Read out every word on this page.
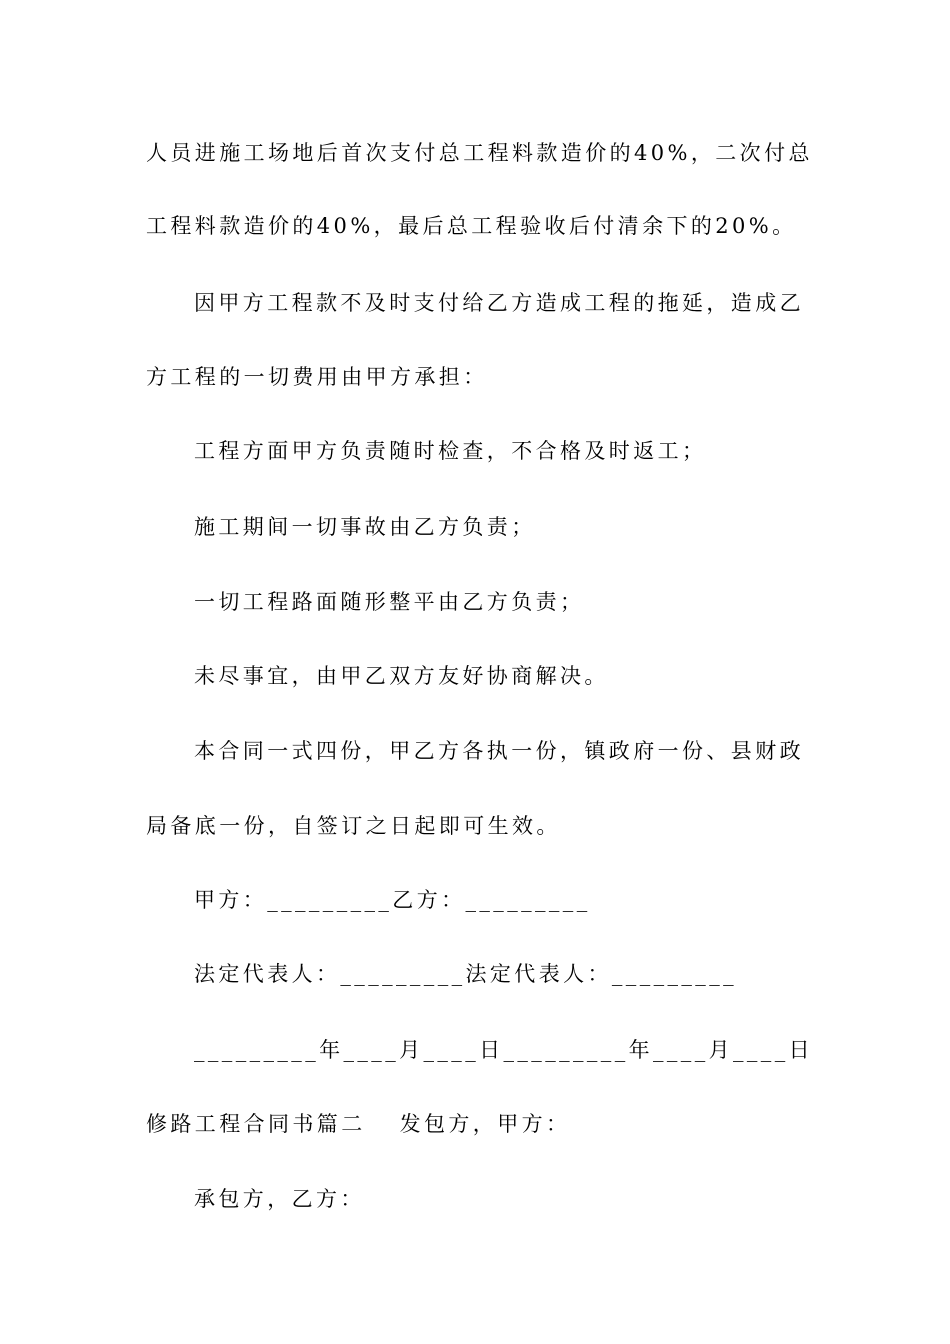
人员进施工场地后首次支付总工程料款造价的40%，二次付总
工程料款造价的40%，最后总工程验收后付清余下的20%。
因甲方工程款不及时支付给乙方造成工程的拖延，造成乙
方工程的一切费用由甲方承担：
工程方面甲方负责随时检查，不合格及时返工；
施工期间一切事故由乙方负责；
一切工程路面随形整平由乙方负责；
未尽事宜，由甲乙双方友好协商解决。
本合同一式四份，甲乙方各执一份，镇政府一份、县财政
局备底一份，自签订之日起即可生效。
甲方：_________乙方：_________
法定代表人：_________法定代表人：_________
_________年____月____日_________年____月____日
修路工程合同书篇二 发包方，甲方：
承包方，乙方：
